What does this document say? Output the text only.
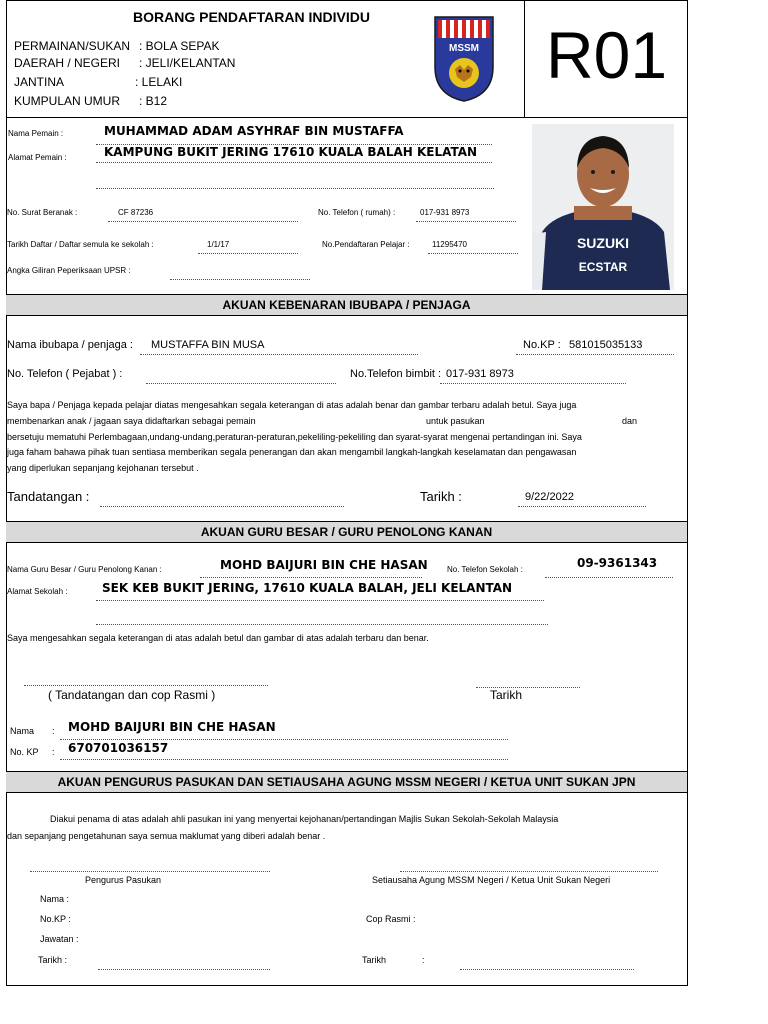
BORANG PENDAFTARAN INDIVIDU
PERMAINAN/SUKAN : BOLA SEPAK
DAERAH / NEGERI : JELI/KELANTAN
JANTINA	: LELAKI
KUMPULAN UMUR : B12
MSSM R01
Nama Pemain :	MUHAMMAD ADAM ASYHRAF BIN MUSTAFFA
Alamat Pemain :	KAMPUNG BUKIT JERING 17610 KUALA BALAH KELATAN
No. Surat Beranak :	CF 87236	No. Telefon ( rumah) :	017-931 8973
Tarikh Daftar / Daftar semula ke sekolah :	1/1/17	No.Pendaftaran Pelajar :	11295470
Angka Giliran Peperiksaan UPSR :
SUZUKI
ECSTAR
AKUAN KEBENARAN IBUBAPA / PENJAGA
Nama ibubapa / penjaga : MUSTAFFA BIN MUSA	No.KP : 581015035133
No. Telefon ( Pejabat ) :	No.Telefon bimbit : 017-931 8973
Saya bapa / Penjaga kepada pelajar diatas mengesahkan segala keterangan di atas adalah benar dan gambar terbaru adalah betul. Saya juga
membenarkan anak / jagaan saya didaftarkan sebagai pemain	untuk pasukan	dan
bersetuju mematuhi Perlembagaan,undang-undang,peraturan-peraturan,pekeliling-pekeliling dan syarat-syarat mengenai pertandingan ini. Saya
juga faham bahawa pihak tuan sentiasa memberikan segala penerangan dan akan mengambil langkah-langkah keselamatan dan pengawasan
yang diperlukan sepanjang kejohanan tersebut .
Tandatangan :	Tarikh :	9/22/2022
AKUAN GURU BESAR / GURU PENOLONG KANAN
Nama Guru Besar / Guru Penolong Kanan :	MOHD BAIJURI BIN CHE HASAN No. Telefon Sekolah :	09-9361343
Alamat Sekolah :	SEK KEB BUKIT JERING, 17610 KUALA BALAH, JELI KELANTAN
Saya mengesahkan segala keterangan di atas adalah betul dan gambar di atas adalah terbaru dan benar.
( Tandatangan dan cop Rasmi )	Tarikh
Nama : MOHD BAIJURI BIN CHE HASAN
No. KP : 670701036157
AKUAN PENGURUS PASUKAN DAN SETIAUSAHA AGUNG MSSM NEGERI / KETUA UNIT SUKAN JPN
Diakui penama di atas adalah ahli pasukan ini yang menyertai kejohanan/pertandingan Majlis Sukan Sekolah-Sekolah Malaysia
dan sepanjang pengetahunan saya semua maklumat yang diberi adalah benar .
Pengurus Pasukan	Setiausaha Agung MSSM Negeri / Ketua Unit Sukan Negeri
Nama :
No.KP :	Cop Rasmi :
Jawatan :
Tarikh :	Tarikh	:
